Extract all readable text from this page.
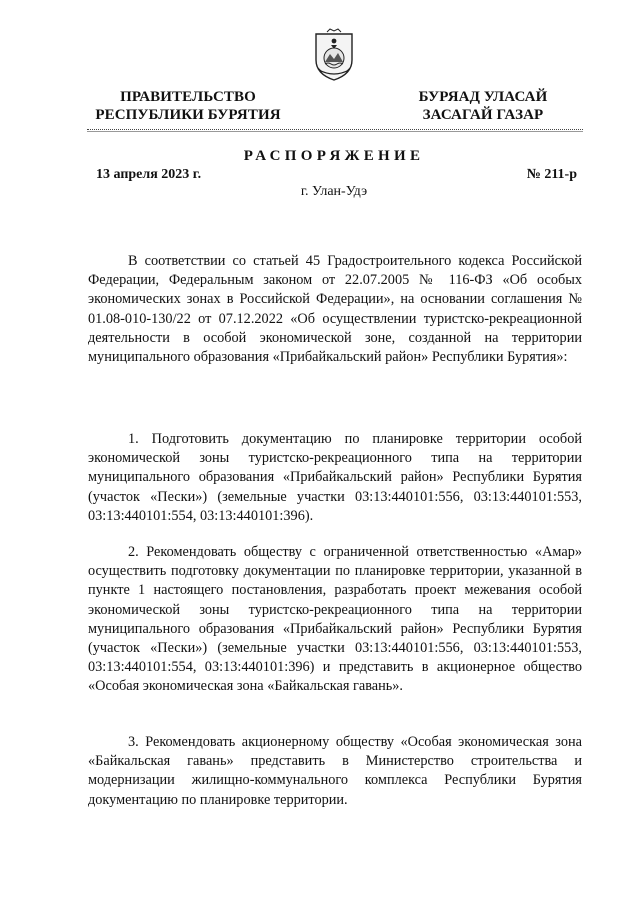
ПРАВИТЕЛЬСТВО
РЕСПУБЛИКИ БУРЯТИЯ
БУРЯАД УЛАСАЙ
ЗАСАГАЙ ГАЗАР
РАСПОРЯЖЕНИЕ
13 апреля 2023 г.	№ 211-р
г. Улан-Удэ

В соответствии со статьей 45 Градостроительного кодекса Российской Федерации, Федеральным законом от 22.07.2005 № 116-ФЗ «Об особых экономических зонах в Российской Федерации», на основании соглашения № 01.08-010-130/22 от 07.12.2022 «Об осуществлении туристско-рекреационной деятельности в особой экономической зоне, созданной на территории муниципального образования «Прибайкальский район» Республики Бурятия»:

1. Подготовить документацию по планировке территории особой экономической зоны туристско-рекреационного типа на территории муниципального образования «Прибайкальский район» Республики Бурятия (участок «Пески») (земельные участки 03:13:440101:556, 03:13:440101:553, 03:13:440101:554, 03:13:440101:396).

2. Рекомендовать обществу с ограниченной ответственностью «Амар» осуществить подготовку документации по планировке территории, указанной в пункте 1 настоящего постановления, разработать проект межевания особой экономической зоны туристско-рекреационного типа на территории муниципального образования «Прибайкальский район» Республики Бурятия (участок «Пески») (земельные участки 03:13:440101:556, 03:13:440101:553, 03:13:440101:554, 03:13:440101:396) и представить в акционерное общество «Особая экономическая зона «Байкальская гавань».

3. Рекомендовать акционерному обществу «Особая экономическая зона «Байкальская гавань» представить в Министерство строительства и модернизации жилищно-коммунального комплекса Республики Бурятия документацию по планировке территории.
